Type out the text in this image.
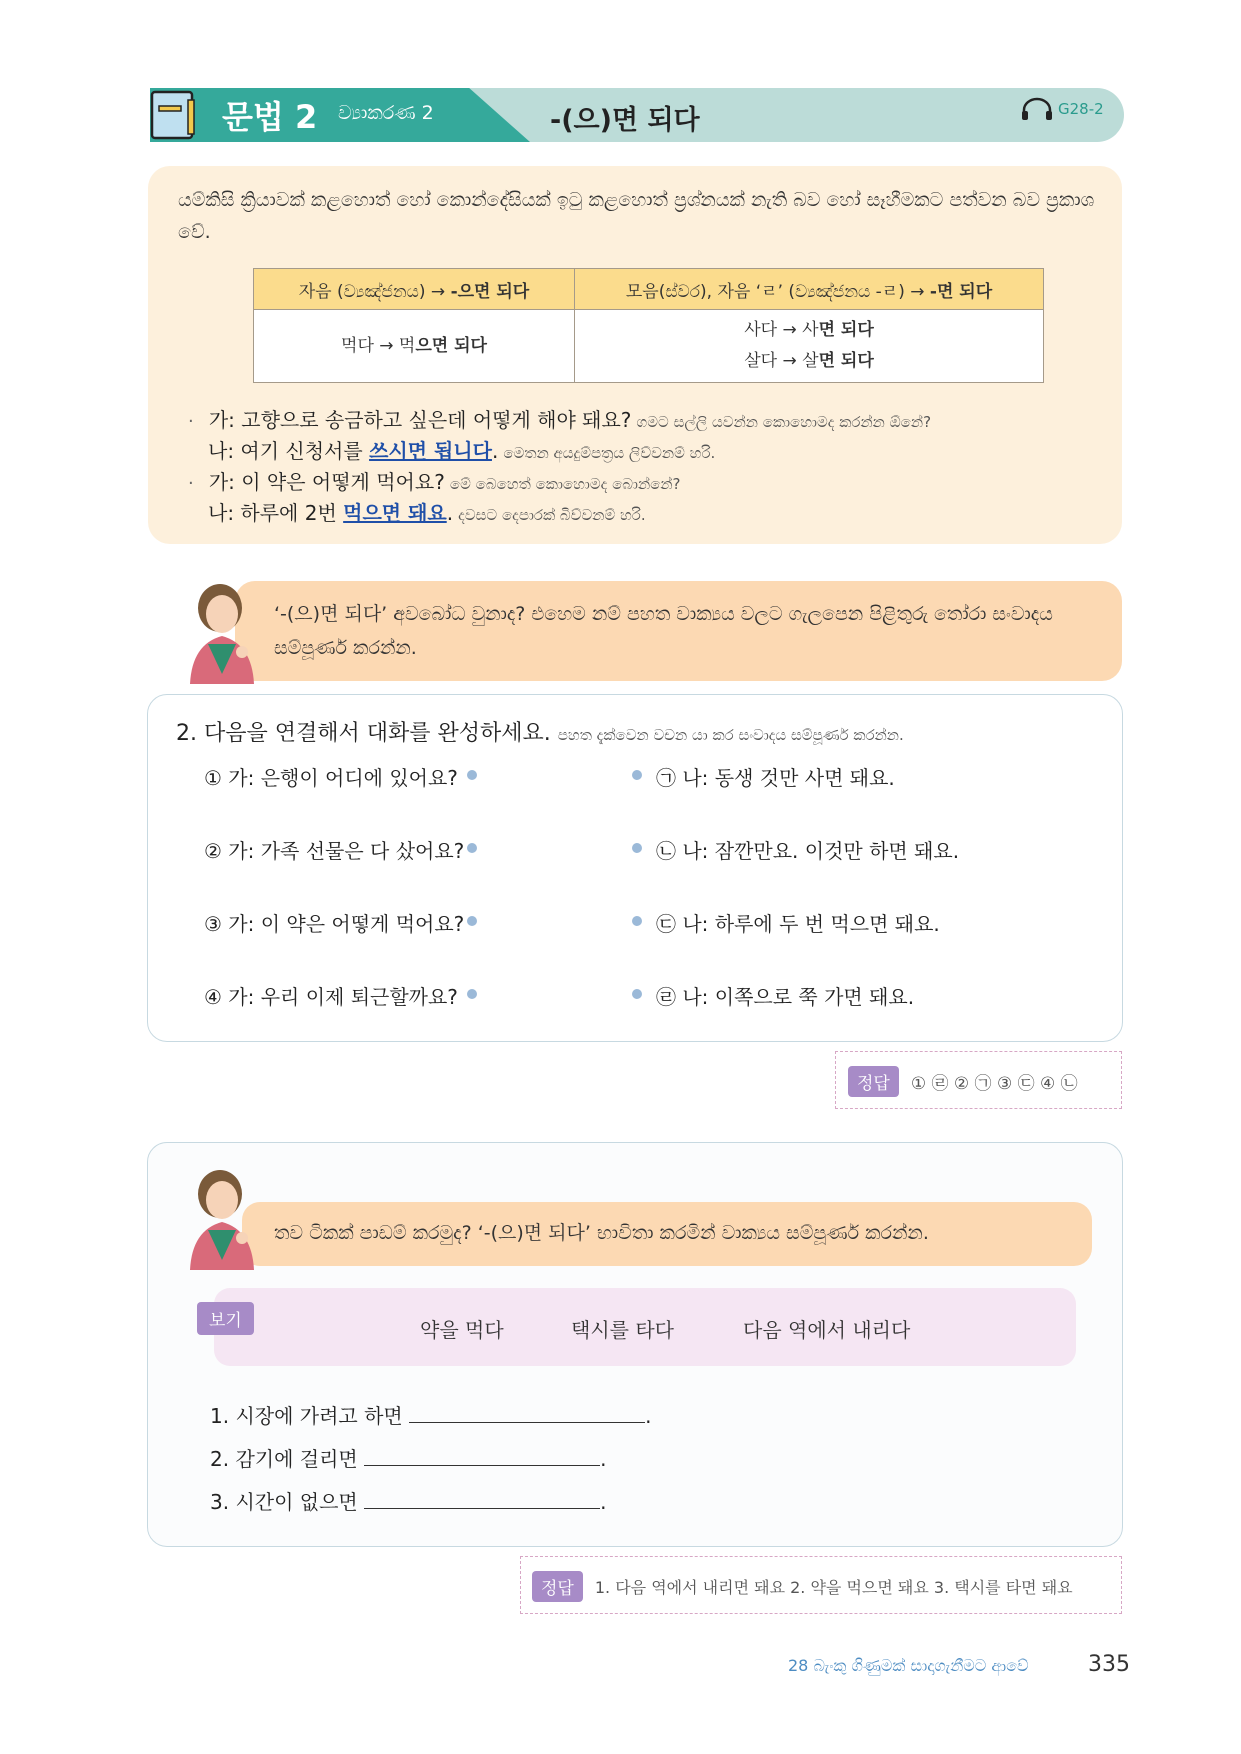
문법 2 ව්‍යාකරණ 2	-(으)면 되다	G28-2
යම්කිසි ක්‍රියාවක් කළහොත් හෝ කොන්දේසියක් ඉටු කළහොත් ප්‍රශ්නයක් නැති බව හෝ සෑහීමකට පත්වන බව ප්‍රකාශ වේ.
자음 (ව්‍යඤ්ජනය) → -으면 되다	모음(ස්වර), 자음 ‘ㄹ’ (ව්‍යඤ්ජනය -ㄹ) → -면 되다
먹다 → 먹으면 되다	사다 → 사면 되다
살다 → 살면 되다
· 가: 고향으로 송금하고 싶은데 어떻게 해야 돼요? ගමට සල්ලි යවන්න කොහොමද කරන්න ඕනේ?
나: 여기 신청서를 쓰시면 됩니다. මෙතන අයදුම්පත්‍රය ලිව්වනම් හරි.
· 가: 이 약은 어떻게 먹어요? මේ බෙහෙත් කොහොමද බොන්නේ?
나: 하루에 2번 먹으면 돼요. දවසට දෙපාරක් බිව්වනම් හරි.
‘-(으)면 되다’ අවබෝධ වුනාද? එහෙම නම් පහත වාක්‍යය වලට ගැලපෙන පිළිතුරු තෝරා සංවාදය සම්පූර්ණ කරන්න.
2. 다음을 연결해서 대화를 완성하세요. පහත දැක්වෙන වචන යා කර සංවාදය සම්පූර්ණ කරන්න.
① 가: 은행이 어디에 있어요?
② 가: 가족 선물은 다 샀어요?
③ 가: 이 약은 어떻게 먹어요?
④ 가: 우리 이제 퇴근할까요?
㉠ 나: 동생 것만 사면 돼요.
㉡ 나: 잠깐만요. 이것만 하면 돼요.
㉢ 나: 하루에 두 번 먹으면 돼요.
㉣ 나: 이쪽으로 쭉 가면 돼요.
정답	① ㉣ ② ㉠ ③ ㉢ ④ ㉡
තව ටිකක් පාඩම් කරමුද? ‘-(으)면 되다’ භාවිතා කරමින් වාක්‍යය සම්පූර්ණ කරන්න.
보기	약을 먹다	택시를 타다	다음 역에서 내리다
1. 시장에 가려고 하면	.
2. 감기에 걸리면	.
3. 시간이 없으면	.
정답	1. 다음 역에서 내리면 돼요 2. 약을 먹으면 돼요 3. 택시를 타면 돼요
28 බැංකු ගිණුමක් සාදාගැනීමට ආවේ	335
